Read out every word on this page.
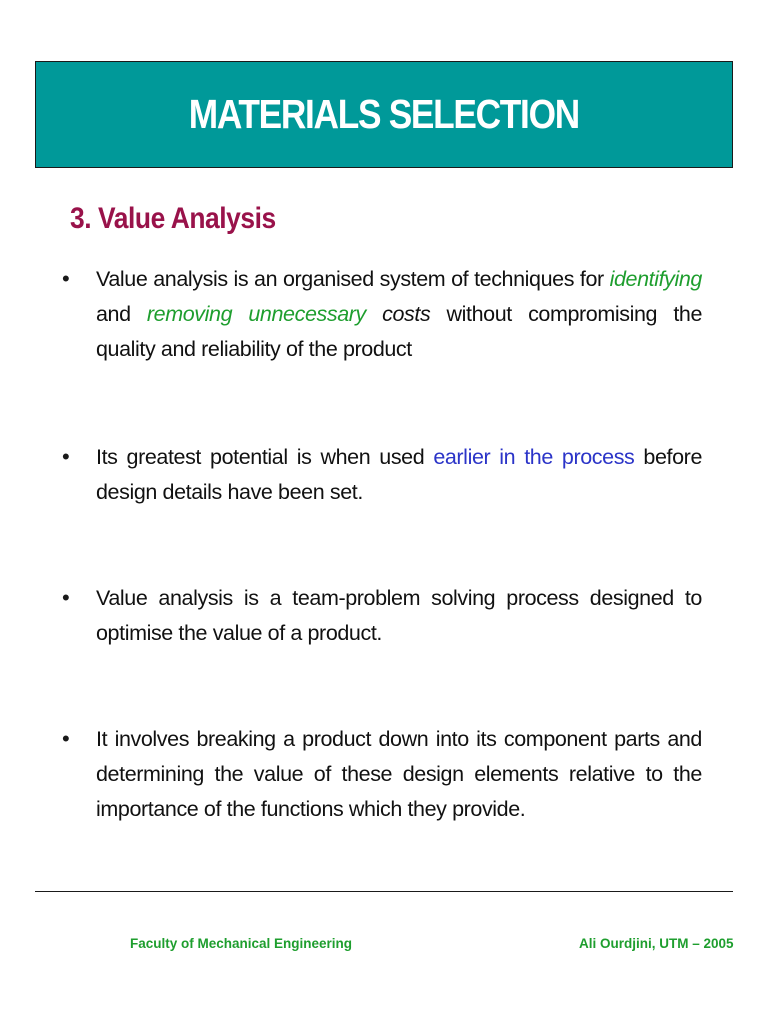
MATERIALS SELECTION
3. Value Analysis
•	Value analysis is an organised system of techniques for identifying and removing unnecessary costs without compromising the quality and reliability of the product
•	Its greatest potential is when used earlier in the process before design details have been set.
•	Value analysis is a team-problem solving process designed to optimise the value of a product.
•	It involves breaking a product down into its component parts and determining the value of these design elements relative to the importance of the functions which they provide.
Faculty of Mechanical Engineering	Ali Ourdjini, UTM – 2005
